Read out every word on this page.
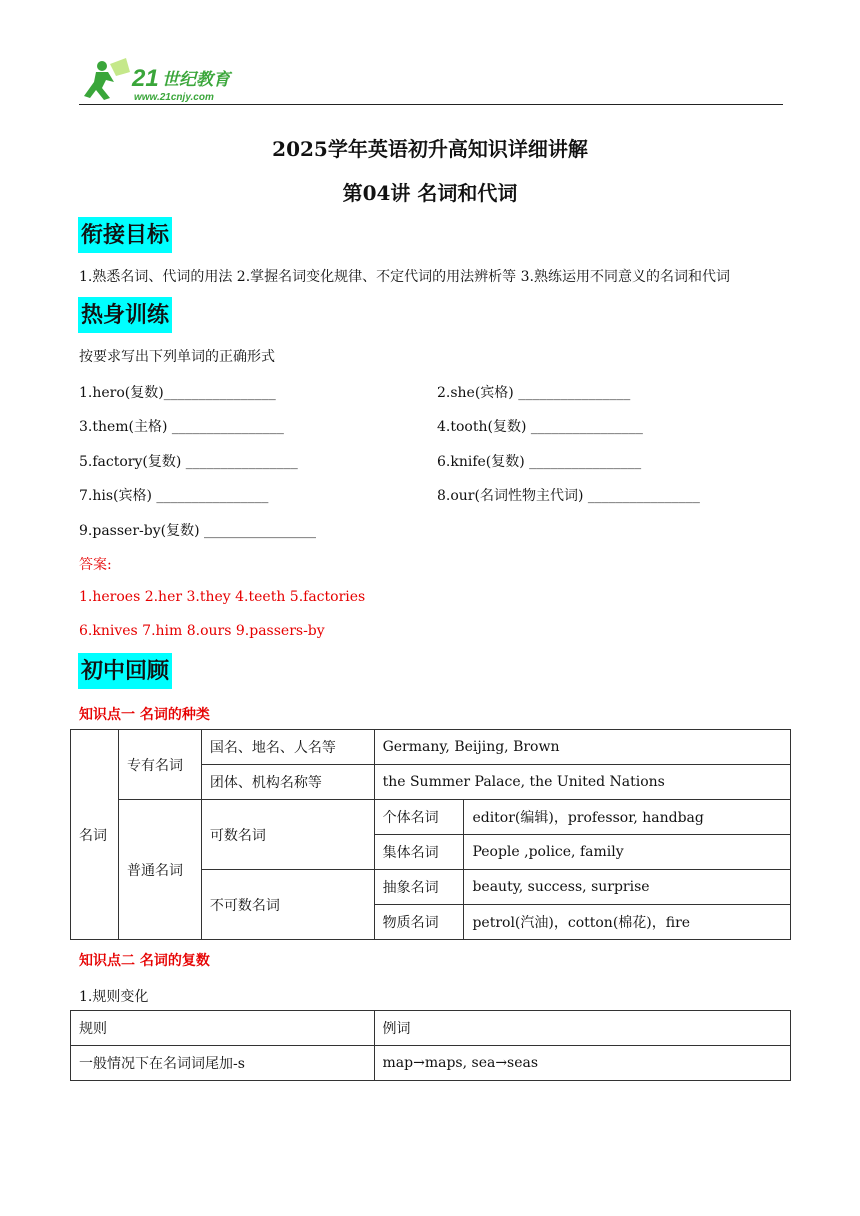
21 世纪教育
www.21cnjy.com
2025学年英语初升高知识详细讲解
第04讲 名词和代词
衔接目标
1.熟悉名词、代词的用法 2.掌握名词变化规律、不定代词的用法辨析等 3.熟练运用不同意义的名词和代词
热身训练
按要求写出下列单词的正确形式
1.hero(复数)________________	2.she(宾格) ________________
3.them(主格) ________________	4.tooth(复数) ________________
5.factory(复数) ________________	6.knife(复数) ________________
7.his(宾格) ________________	8.our(名词性物主代词) ________________
9.passer-by(复数) ________________
答案:
1.heroes 2.her 3.they 4.teeth 5.factories
6.knives 7.him 8.ours 9.passers-by
初中回顾
知识点一 名词的种类
名词	专有名词	国名、地名、人名等	Germany, Beijing, Brown	
		团体、机构名称等	the Summer Palace, the United Nations	
	普通名词	可数名词	个体名词	editor(编辑)，professor, handbag
			集体名词	People ,police, family
		不可数名词	抽象名词	beauty, success, surprise
			物质名词	petrol(汽油)，cotton(棉花)，fire
知识点二 名词的复数
1.规则变化
规则	例词
一般情况下在名词词尾加-s	map→maps, sea→seas
